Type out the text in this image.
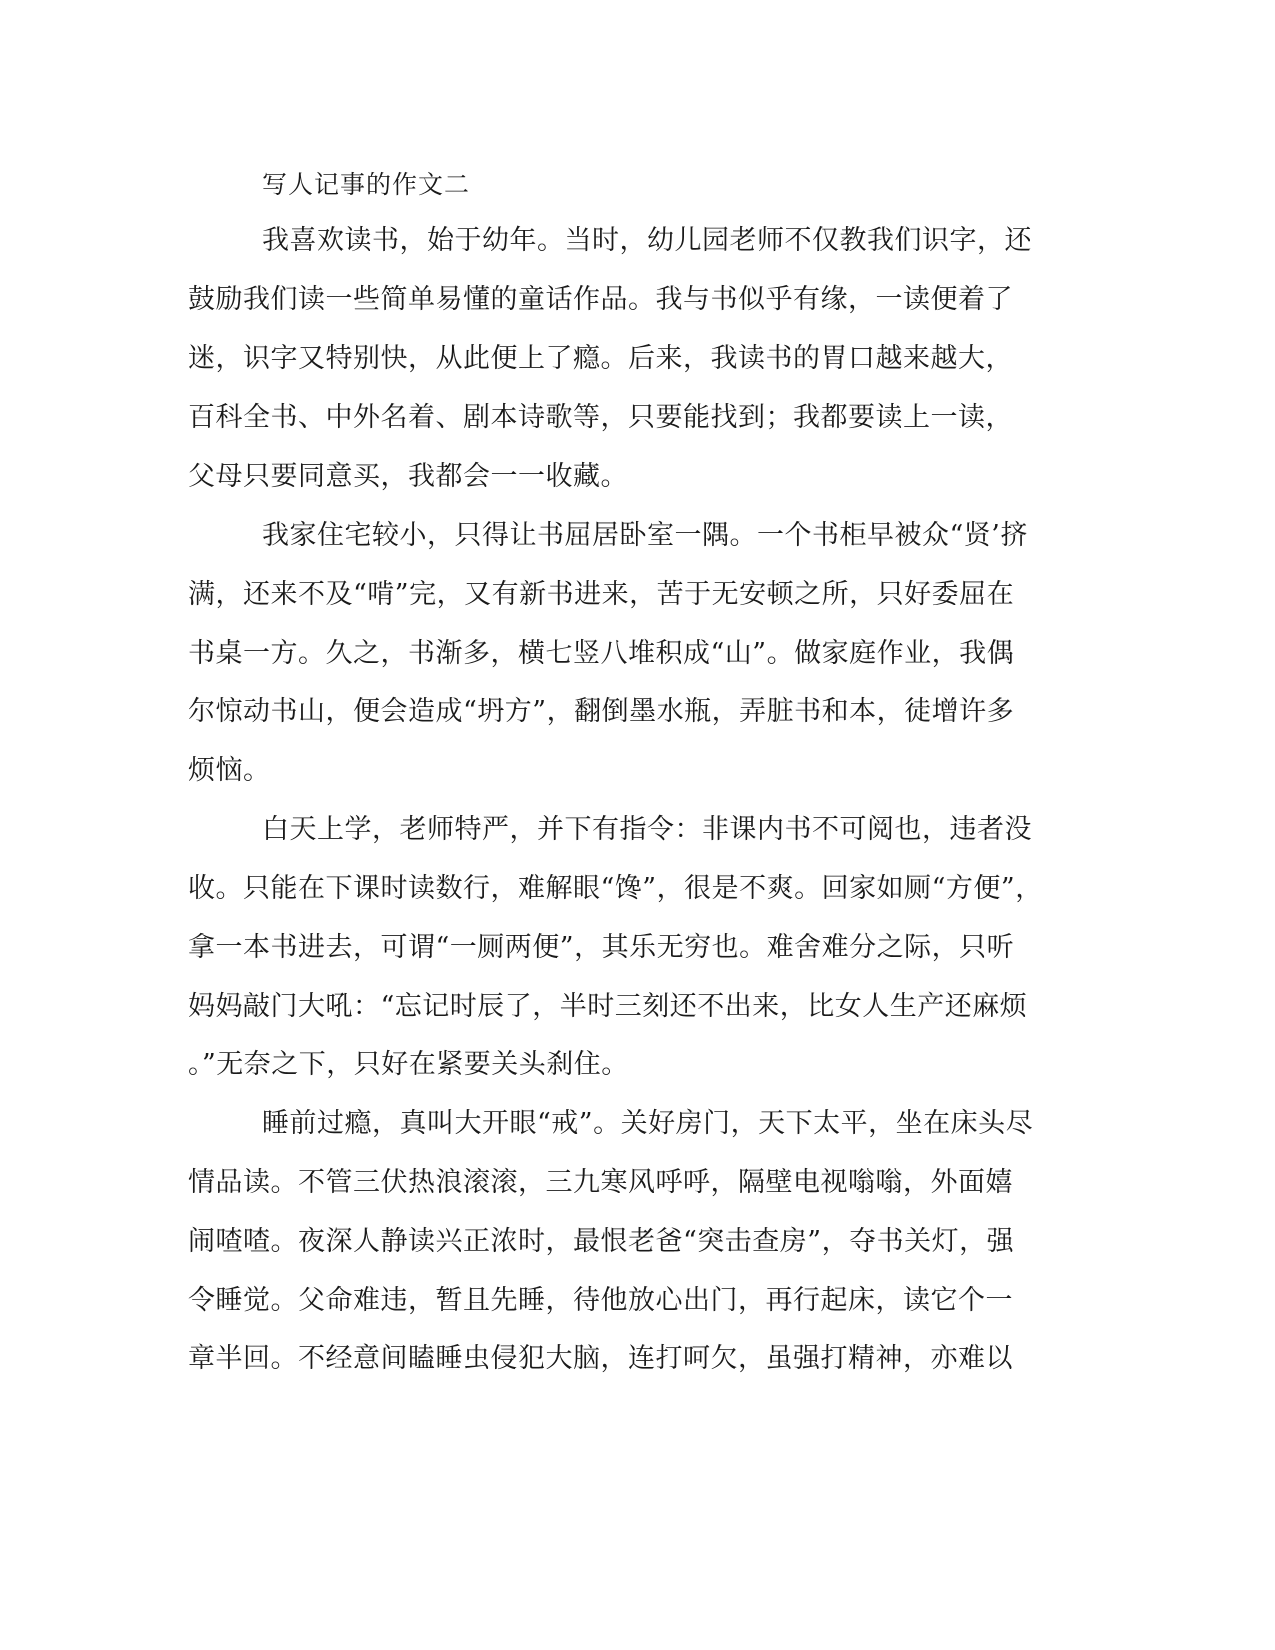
写人记事的作文二
我喜欢读书，始于幼年。当时，幼儿园老师不仅教我们识字，还
鼓励我们读一些简单易懂的童话作品。我与书似乎有缘，一读便着了
迷，识字又特别快，从此便上了瘾。后来，我读书的胃口越来越大，
百科全书、中外名着、剧本诗歌等，只要能找到；我都要读上一读，
父母只要同意买，我都会一一收藏。
我家住宅较小，只得让书屈居卧室一隅。一个书柜早被众“贤’挤
满，还来不及“啃”完，又有新书进来，苦于无安顿之所，只好委屈在
书桌一方。久之，书渐多，横七竖八堆积成“山”。做家庭作业，我偶
尔惊动书山，便会造成“坍方”，翻倒墨水瓶，弄脏书和本，徒增许多
烦恼。
白天上学，老师特严，并下有指令：非课内书不可阅也，违者没
收。只能在下课时读数行，难解眼“馋”，很是不爽。回家如厕“方便”，
拿一本书进去，可谓“一厕两便”，其乐无穷也。难舍难分之际，只听
妈妈敲门大吼：“忘记时辰了，半时三刻还不出来，比女人生产还麻烦
。”无奈之下，只好在紧要关头刹住。
睡前过瘾，真叫大开眼“戒”。关好房门，天下太平，坐在床头尽
情品读。不管三伏热浪滚滚，三九寒风呼呼，隔壁电视嗡嗡，外面嬉
闹喳喳。夜深人静读兴正浓时，最恨老爸“突击查房”，夺书关灯，强
令睡觉。父命难违，暂且先睡，待他放心出门，再行起床，读它个一
章半回。不经意间瞌睡虫侵犯大脑，连打呵欠，虽强打精神，亦难以
